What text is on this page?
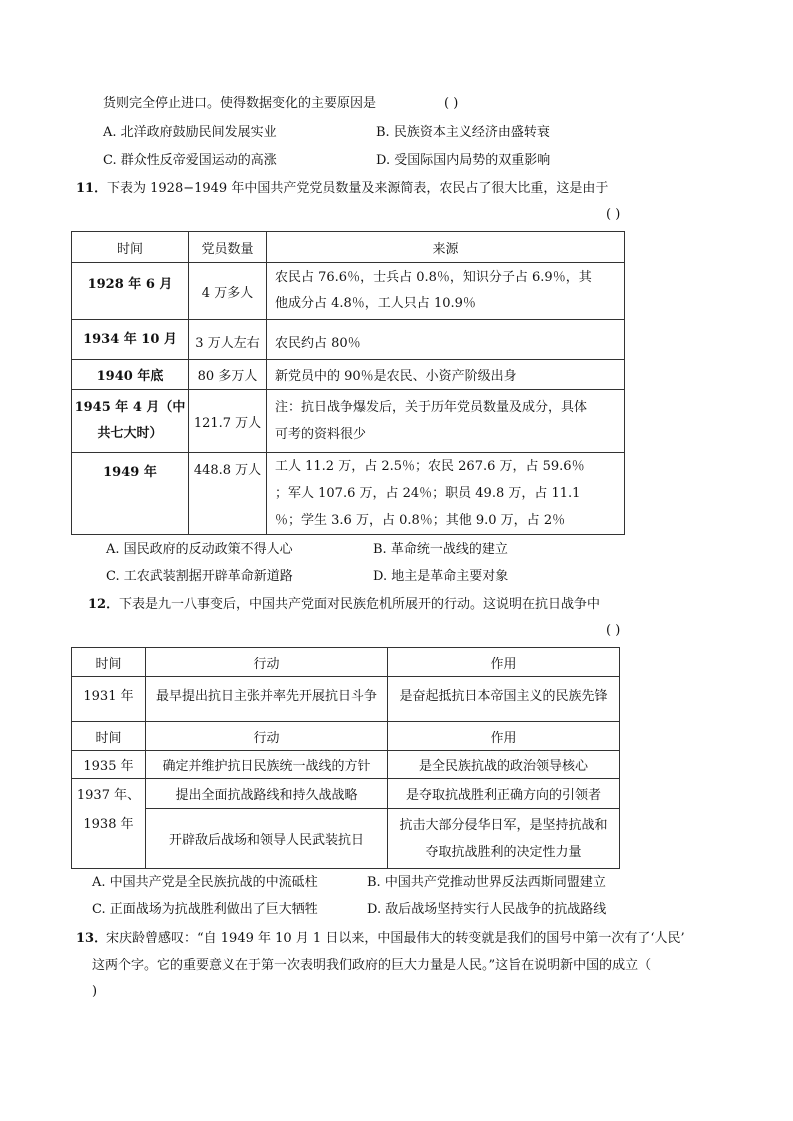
货则完全停止进口。使得数据变化的主要原因是	( )
A. 北洋政府鼓励民间发展实业	B. 民族资本主义经济由盛转衰
C. 群众性反帝爱国运动的高涨	D. 受国际国内局势的双重影响
11． 下表为 1928−1949 年中国共产党党员数量及来源简表，农民占了很大比重，这是由于
( )
时间	党员数量	来源
1928 年 6 月	4 万多人	农民占 76.6％，士兵占 0.8％，知识分子占 6.9％，其
他成分占 4.8％，工人只占 10.9％

1934 年 10 月	3 万人左右	农民约占 80％
1940 年底	80 多万人	新党员中的 90％是农民、小资产阶级出身
1945 年 4 月（中共七大时）	121.7 万人	注：抗日战争爆发后，关于历年党员数量及成分，具体
可考的资料很少

1949 年	448.8 万人	工人 11.2 万，占 2.5％；农民 267.6 万，占 59.6％
；军人 107.6 万，占 24％；职员 49.8 万，占 11.1
％；学生 3.6 万，占 0.8％；其他 9.0 万，占 2％
A. 国民政府的反动政策不得人心	B. 革命统一战线的建立
C. 工农武装割据开辟革命新道路	D. 地主是革命主要对象
12． 下表是九一八事变后，中国共产党面对民族危机所展开的行动。这说明在抗日战争中
( )
时间	行动	作用
1931 年	最早提出抗日主张并率先开展抗日斗争	是奋起抵抗日本帝国主义的民族先锋
时间	行动	作用
1935 年	确定并维护抗日民族统一战线的方针	是全民族抗战的政治领导核心
1937 年、1938 年	提出全面抗战路线和持久战战略	是夺取抗战胜利正确方向的引领者
	开辟敌后战场和领导人民武装抗日	抗击大部分侵华日军，是坚持抗战和夺取抗战胜利的决定性力量
A. 中国共产党是全民族抗战的中流砥柱	B. 中国共产党推动世界反法西斯同盟建立
C. 正面战场为抗战胜利做出了巨大牺牲	D. 敌后战场坚持实行人民战争的抗战路线
13．
宋庆龄曾感叹：“自 1949 年 10 月 1 日以来，中国最伟大的转变就是我们的国号中第一次有了‘人民’
这两个字。它的重要意义在于第一次表明我们政府的巨大力量是人民。”这旨在说明新中国的成立（
)
